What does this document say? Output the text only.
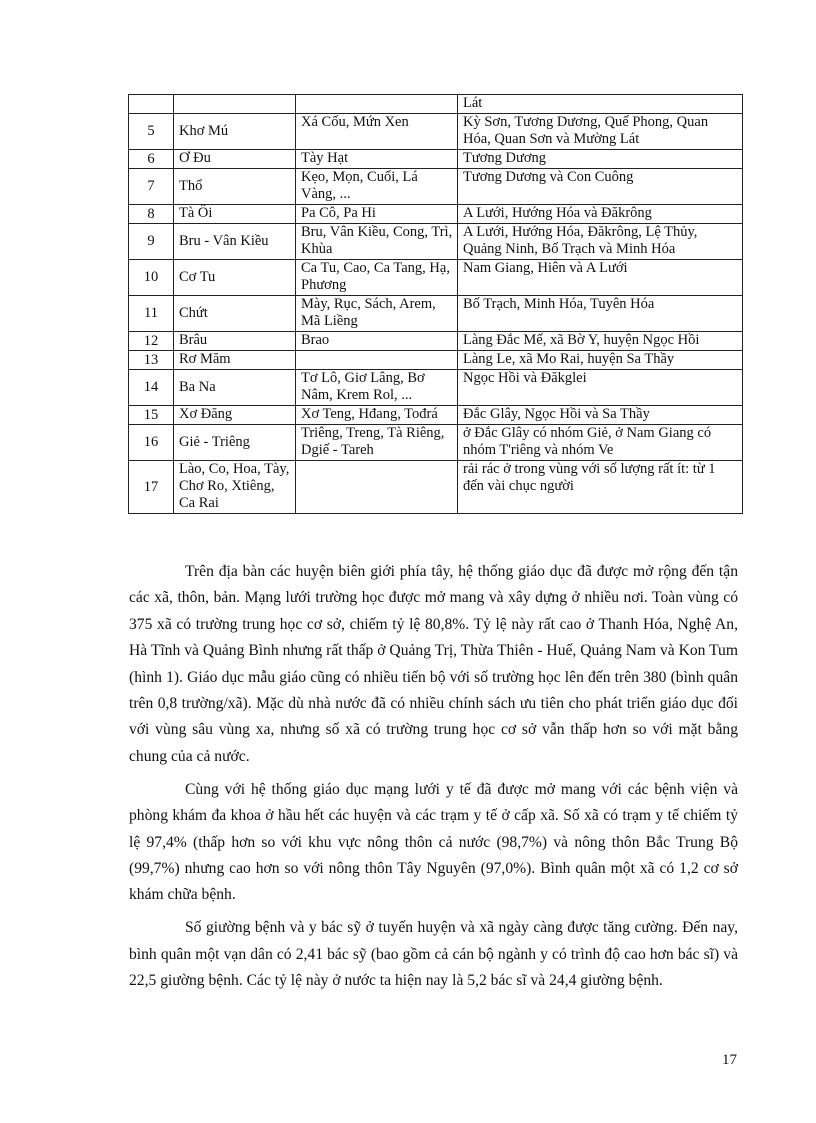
			Lát
5	Khơ Mú	Xá Cốu, Mứn Xen	Kỳ Sơn, Tương Dương, Quế Phong, Quan Hóa, Quan Sơn và Mường Lát
6	Ơ Đu	Tày Hạt	Tương Dương
7	Thổ	Kẹo, Mọn, Cuối, Lá Vàng, ...	Tương Dương và Con Cuông
8	Tà Ôi	Pa Cô, Pa Hi	A Lưới, Hướng Hóa và Đăkrông
9	Bru - Vân Kiều	Bru, Vân Kiều, Cong, Trì, Khùa	A Lưới, Hướng Hóa, Đăkrông, Lệ Thủy, Quảng Ninh, Bố Trạch và Minh Hóa
10	Cơ Tu	Ca Tu, Cao, Ca Tang, Hạ, Phương	Nam Giang, Hiên và A Lưới
11	Chứt	Mày, Rục, Sách, Arem, Mã Liềng	Bố Trạch, Minh Hóa, Tuyên Hóa
12	Brâu	Brao	Làng Đắc Mế, xã Bờ Y, huyện Ngọc Hồi
13	Rơ Măm		Làng Le, xã Mo Rai, huyện Sa Thầy
14	Ba Na	Tơ Lô, Giơ Lâng, Bơ Nâm, Krem Rol, ...	Ngọc Hồi và Đăkglei
15	Xơ Đăng	Xơ Teng, Hđang, Tođrá	Đắc Glây, Ngọc Hồi và Sa Thầy
16	Giẻ - Triêng	Triêng, Treng, Tà Riêng, Dgiế - Tareh	ở Đắc Glây có nhóm Giẻ, ở Nam Giang có nhóm T'riêng và nhóm Ve
17	Lào, Co, Hoa, Tày, Chơ Ro, Xtiêng, Ca Rai		rải rác ở trong vùng với số lượng rất ít: từ 1 đến vài chục người

Trên địa bàn các huyện biên giới phía tây, hệ thống giáo dục đã được mở rộng đến tận các xã, thôn, bản. Mạng lưới trường học được mở mang và xây dựng ở nhiều nơi. Toàn vùng có 375 xã có trường trung học cơ sở, chiếm tỷ lệ 80,8%. Tỷ lệ này rất cao ở Thanh Hóa, Nghệ An, Hà Tĩnh và Quảng Bình nhưng rất thấp ở Quảng Trị, Thừa Thiên - Huế, Quảng Nam và Kon Tum (hình 1). Giáo dục mẫu giáo cũng có nhiều tiến bộ với số trường học lên đến trên 380 (bình quân trên 0,8 trường/xã). Mặc dù nhà nước đã có nhiều chính sách ưu tiên cho phát triển giáo dục đối với vùng sâu vùng xa, nhưng số xã có trường trung học cơ sở vẫn thấp hơn so với mặt bằng chung của cả nước.

Cùng với hệ thống giáo dục mạng lưới y tế đã được mở mang với các bệnh viện và phòng khám đa khoa ở hầu hết các huyện và các trạm y tế ở cấp xã. Số xã có trạm y tế chiếm tỷ lệ 97,4% (thấp hơn so với khu vực nông thôn cả nước (98,7%) và nông thôn Bắc Trung Bộ (99,7%) nhưng cao hơn so với nông thôn Tây Nguyên (97,0%). Bình quân một xã có 1,2 cơ sở khám chữa bệnh.

Số giường bệnh và y bác sỹ ở tuyến huyện và xã ngày càng được tăng cường. Đến nay, bình quân một vạn dân có 2,41 bác sỹ (bao gồm cả cán bộ ngành y có trình độ cao hơn bác sĩ) và 22,5 giường bệnh. Các tỷ lệ này ở nước ta hiện nay là 5,2 bác sĩ và 24,4 giường bệnh.

17
